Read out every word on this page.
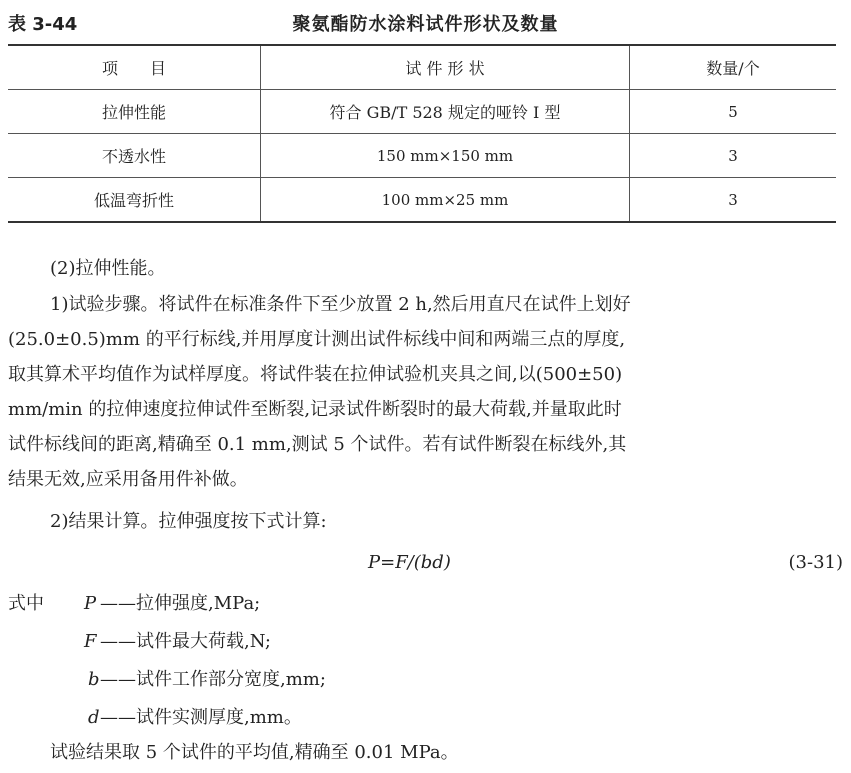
表 3-44	聚氨酯防水涂料试件形状及数量
项　　目	试 件 形 状	数量/个
拉伸性能	符合 GB/T 528 规定的哑铃 I 型	5
不透水性	150 mm×150 mm	3
低温弯折性	100 mm×25 mm	3
(2)拉伸性能。
1)试验步骤。将试件在标准条件下至少放置 2 h,然后用直尺在试件上划好
(25.0±0.5)mm 的平行标线,并用厚度计测出试件标线中间和两端三点的厚度,
取其算术平均值作为试样厚度。将试件装在拉伸试验机夹具之间,以(500±50)
mm/min 的拉伸速度拉伸试件至断裂,记录试件断裂时的最大荷载,并量取此时
试件标线间的距离,精确至 0.1 mm,测试 5 个试件。若有试件断裂在标线外,其
结果无效,应采用备用件补做。
2)结果计算。拉伸强度按下式计算:
P=F/(bd)	(3-31)
式中 P ——拉伸强度,MPa;
F ——试件最大荷载,N;
b ——试件工作部分宽度,mm;
d ——试件实测厚度,mm。
试验结果取 5 个试件的平均值,精确至 0.01 MPa。
